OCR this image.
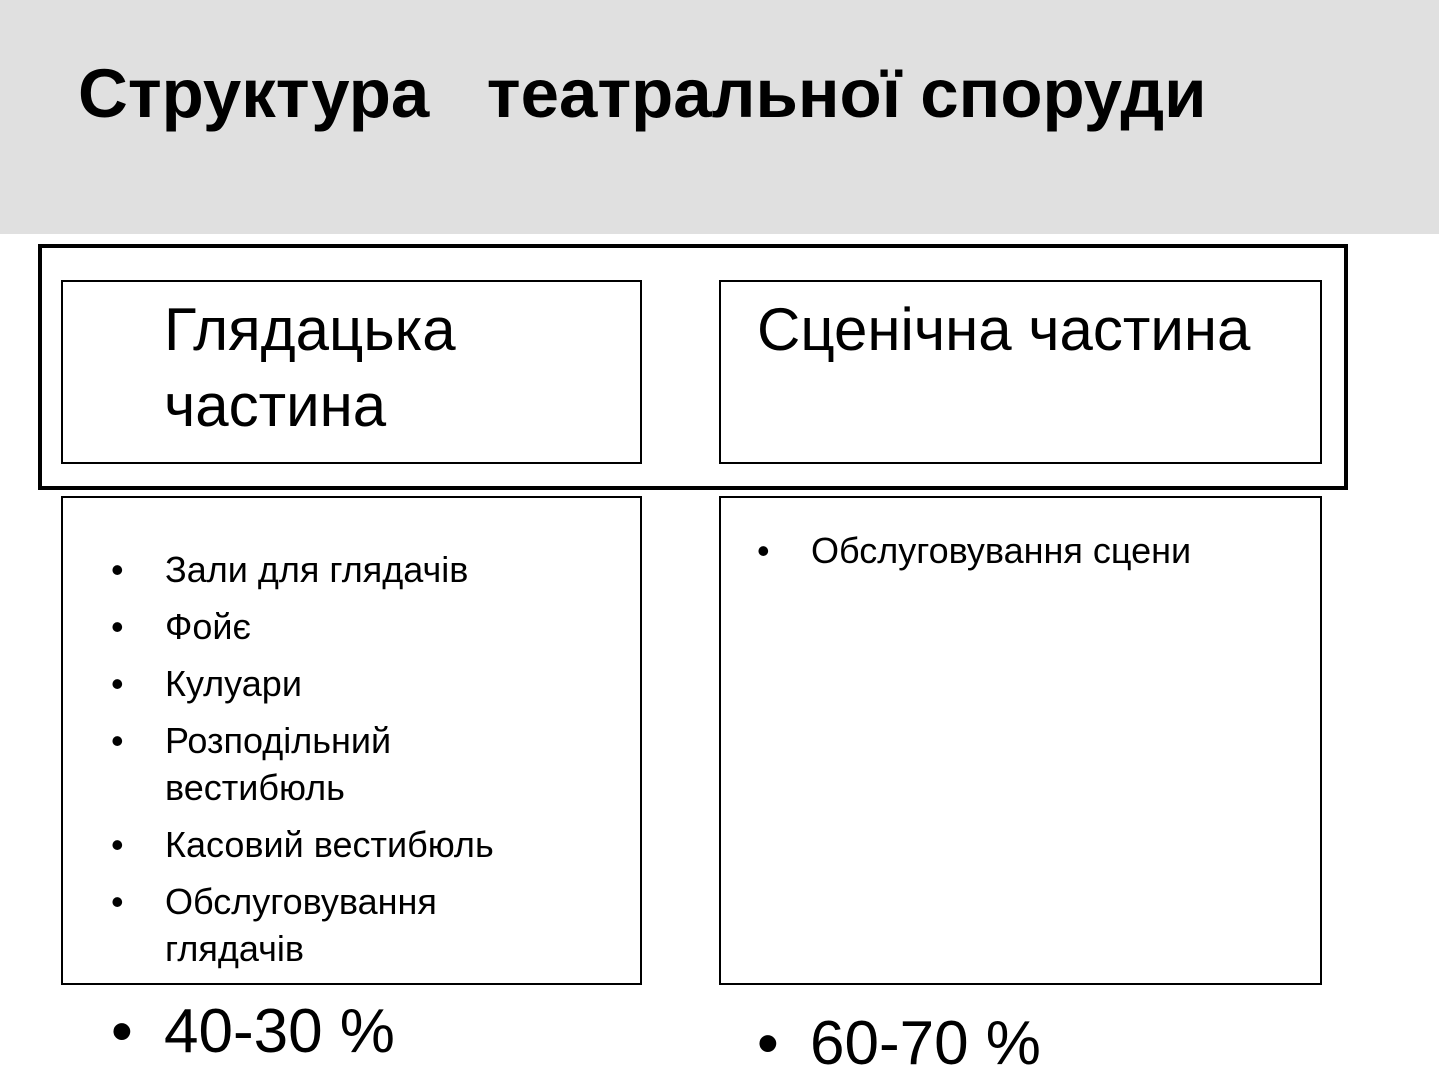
Структура   театральної споруди
Глядацька
частина
Сценічна частина
• Зали для глядачів
• Фойє
• Кулуари
• Розподільний вестибюль
• Касовий вестибюль
• Обслуговування глядачів
• Обслуговування сцени
• 40-30 %	• 60-70 %
